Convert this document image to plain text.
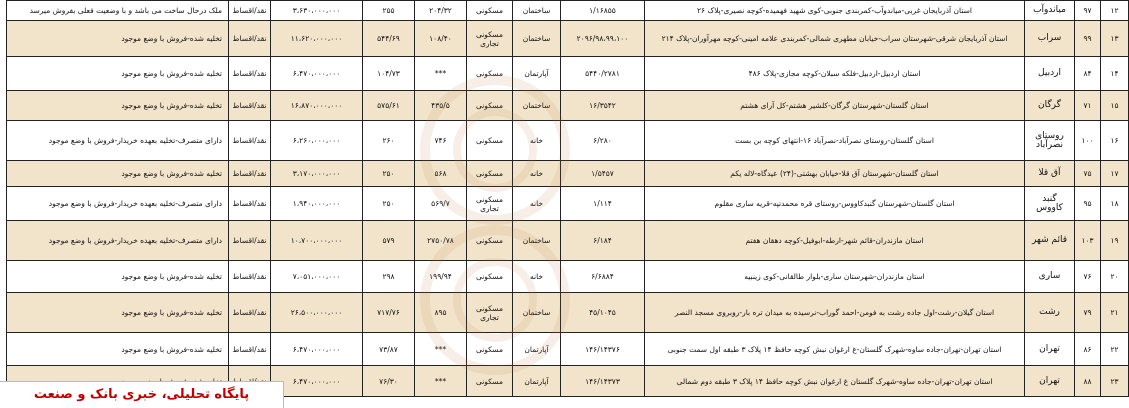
۱۲	۹۷	میاندوآب	استان آذربایجان غربی-میاندوآب-کمربندی جنوبی-کوی شهید فهمیده-کوچه نصیری-پلاک ۲۶	۱/۱۶۸۵۵	ساختمان	مسکونی	۲۰۴/۳۲	۲۵۵	۳،۶۳۰،۰۰۰،۰۰۰	نقد/اقساط	ملک درحال ساخت می باشد و با وضعیت فعلی بفروش میرسد
۱۳	۹۹	سراب	استان آذربایجان شرقی-شهرستان سراب-خیابان مطهری شمالی-کمربندی علامه امینی-کوچه مهرآوران-پلاک ۲۱۴	۲۰۹۶/۹۸،۹۹،۱۰۰	ساختمان	مسکونی تجاری	۱۰۸/۴۰	۵۴۴/۶۹	۱۱،۶۲۰،۰۰۰،۰۰۰	نقد/اقساط	تخلیه شده-فروش با وضع موجود
۱۴	۸۴	اردبیل	استان اردبیل-اردبیل-فلکه سبلان-کوچه مجازی-پلاک ۴۸۶	۵۴۴۰/۲۷۸۱	آپارتمان	مسکونی	***	۱۰۴/۷۳	۶،۴۷۰،۰۰۰،۰۰۰	نقد/اقساط	تخلیه شده-فروش با وضع موجود
۱۵	۷۱	گرگان	استان گلستان-شهرستان گرگان-کلشیر هشتم-کل آرای هشتم	۱۶/۳۵۴۲	ساختمان	مسکونی	۴۳۵/۵	۵۷۵/۶۱	۱۶،۸۷۰،۰۰۰،۰۰۰	نقد/اقساط	تخلیه شده-فروش با وضع موجود
۱۶	۱۰۰	روستای نصرآباد	استان گلستان-روستای نصرآباد-نصرآباد ۱۶-انتهای کوچه بن بست	۶/۲۸۰	خانه	مسکونی	۷۴۶	۲۶۰	۶،۲۶۰،۰۰۰،۰۰۰	نقد/اقساط	دارای متصرف-تخلیه بعهده خریدار-فروش با وضع موجود
۱۷	۷۵	آق قلا	استان گلستان-شهرستان آق قلا-خیابان بهشتی-(۲۴) عیدگاه-لاله یکم	۱/۵۴۵۷	خانه	مسکونی	۵۶۸	۲۵۰	۳،۱۷۰،۰۰۰،۰۰۰	نقد/اقساط	تخلیه شده-فروش با وضع موجود
۱۸	۹۵	گنبد کاووس	استان گلستان-شهرستان گنبدکاووس-روستای قره محمدتپه-قریه ساری مقلوم	۱/۱۱۴	خانه	مسکونی تجاری	۵۶۹/۷	۲۵۰	۱،۹۴۰،۰۰۰،۰۰۰	نقد/اقساط	دارای متصرف-تخلیه بعهده خریدار-فروش با وضع موجود
۱۹	۱۰۳	قائم شهر	استان مازندران-قائم شهر-ارطه-ابوفیل-کوچه دهقان هفتم	۶/۱۸۴	ساختمان	مسکونی	۲۷۵۰/۷۸	۵۷۹	۱۰،۷۰۰،۰۰۰،۰۰۰	نقد/اقساط	دارای متصرف-تخلیه بعهده خریدار-فروش با وضع موجود
۲۰	۷۶	ساری	استان مازندران-شهرستان ساری-بلوار طالقانی-کوی زینبیه	۶/۶۸۸۴	خانه	مسکونی	۱۹۹/۹۴	۲۹۸	۷،۰۵۱،۰۰۰،۰۰۰	نقد/اقساط	تخلیه شده-فروش با وضع موجود
۲۱	۷۹	رشت	استان گیلان-رشت-اول جاده رشت به فومن-احمد گوراب-نرسیده به میدان تره بار-روبروی مسجد النصر	۴۵/۱۰۴۵	ساختمان	مسکونی تجاری	۸۹۵	۷۱۷/۷۶	۲۶،۵۰۰،۰۰۰،۰۰۰	نقد/اقساط	تخلیه شده-فروش با وضع موجود
۲۲	۸۶	تهران	استان تهران-تهران-جاده ساوه-شهرک گلستان-غ ارغوان نبش کوچه حافظ ۱۴ پلاک ۳ طبقه اول سمت جنوبی	۱۴۶/۱۴۳۷۶	آپارتمان	مسکونی	***	۷۳/۸۷	۶،۴۷۰،۰۰۰،۰۰۰	نقد/اقساط	تخلیه شده-فروش با وضع موجود
۲۳	۸۸	تهران	استان تهران-تهران-جاده ساوه-شهرک گلستان غ ارغوان نبش کوچه حافظ ۱۴ پلاک ۳ طبقه دوم شمالی	۱۴۶/۱۴۳۷۳	آپارتمان	مسکونی	***	۷۶/۳۰	۶،۴۷۰،۰۰۰،۰۰۰		
پایگاه تحلیلی، خبری بانک و صنعت
